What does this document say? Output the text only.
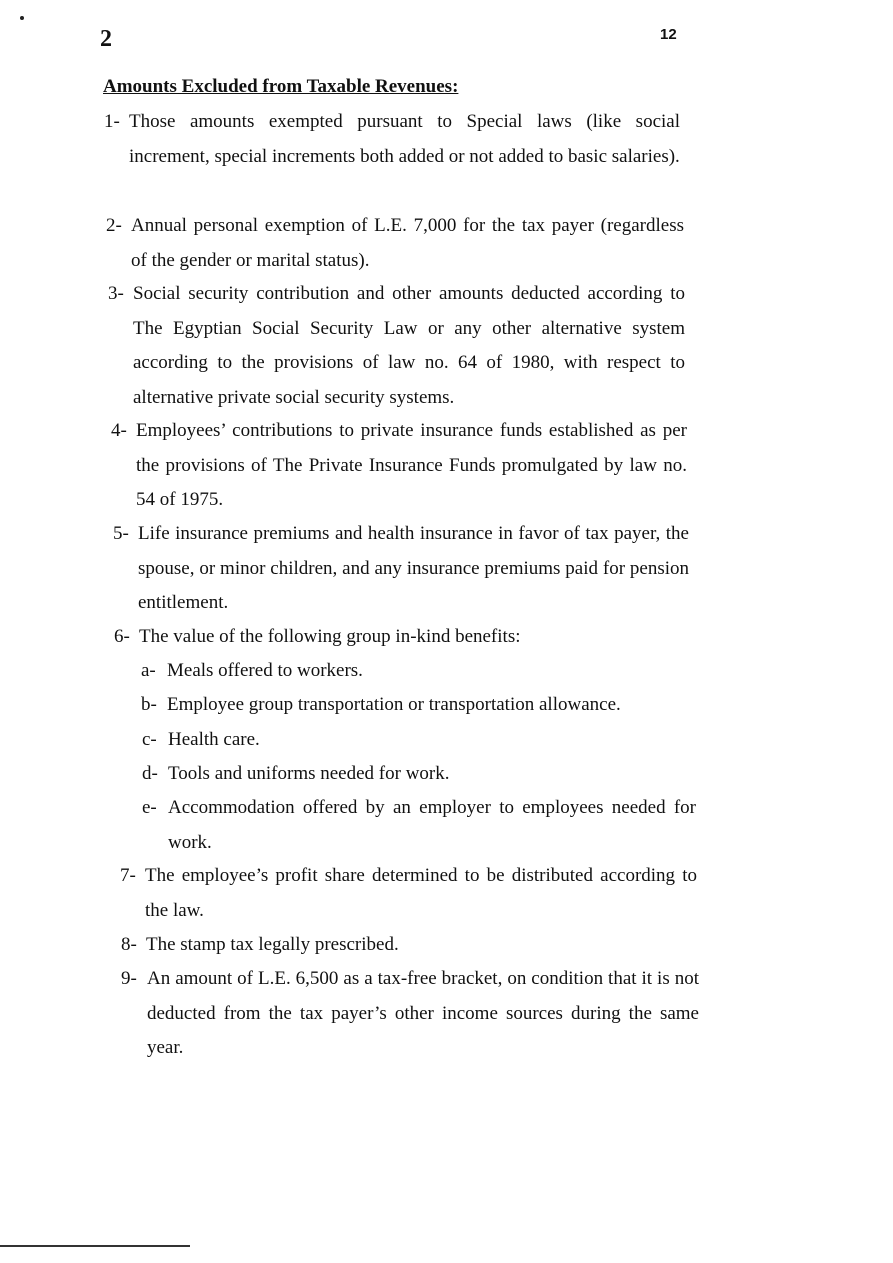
2	12
Amounts Excluded from Taxable Revenues:
1- Those amounts exempted pursuant to Special laws (like social increment, special increments both added or not added to basic salaries).
2- Annual personal exemption of L.E. 7,000 for the tax payer (regardless of the gender or marital status).
3- Social security contribution and other amounts deducted according to The Egyptian Social Security Law or any other alternative system according to the provisions of law no. 64 of 1980, with respect to alternative private social security systems.
4- Employees’ contributions to private insurance funds established as per the provisions of The Private Insurance Funds promulgated by law no. 54 of 1975.
5- Life insurance premiums and health insurance in favor of tax payer, the spouse, or minor children, and any insurance premiums paid for pension entitlement.
6- The value of the following group in-kind benefits:
a- Meals offered to workers.
b- Employee group transportation or transportation allowance.
c- Health care.
d- Tools and uniforms needed for work.
e- Accommodation offered by an employer to employees needed for work.
7- The employee’s profit share determined to be distributed according to the law.
8- The stamp tax legally prescribed.
9- An amount of L.E. 6,500 as a tax-free bracket, on condition that it is not deducted from the tax payer’s other income sources during the same year.
